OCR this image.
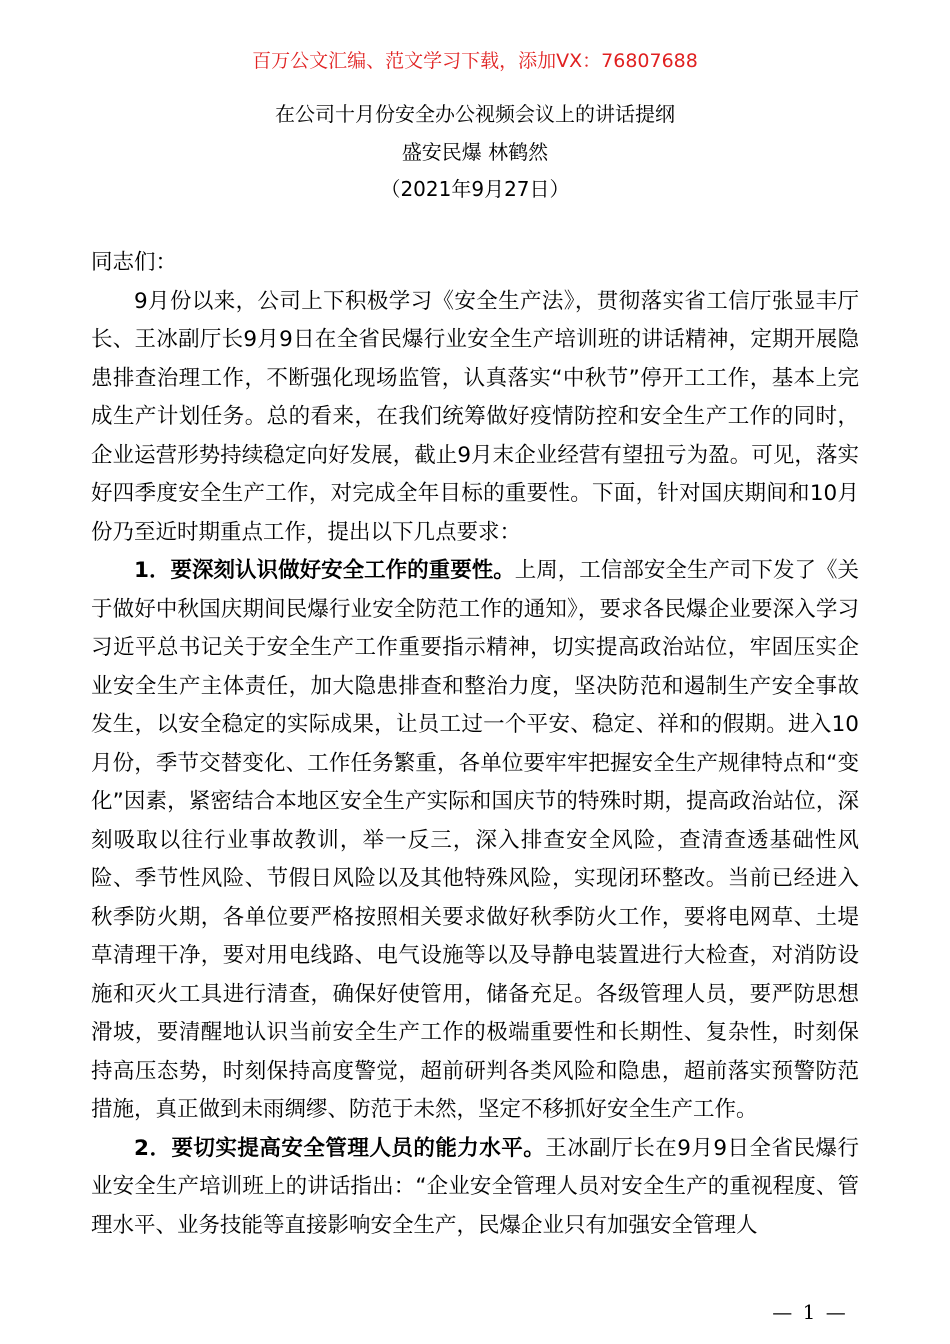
百万公文汇编、范文学习下载，添加VX：76807688
在公司十月份安全办公视频会议上的讲话提纲
盛安民爆 林鹤然
（2021年9月27日）

同志们：

9月份以来，公司上下积极学习《安全生产法》，贯彻落实省工信厅张显丰厅长、王冰副厅长9月9日在全省民爆行业安全生产培训班的讲话精神，定期开展隐患排查治理工作，不断强化现场监管，认真落实“中秋节”停开工工作，基本上完成生产计划任务。总的看来，在我们统筹做好疫情防控和安全生产工作的同时，企业运营形势持续稳定向好发展，截止9月末企业经营有望扭亏为盈。可见，落实好四季度安全生产工作，对完成全年目标的重要性。下面，针对国庆期间和10月份乃至近时期重点工作，提出以下几点要求：

1．要深刻认识做好安全工作的重要性。上周，工信部安全生产司下发了《关于做好中秋国庆期间民爆行业安全防范工作的通知》，要求各民爆企业要深入学习习近平总书记关于安全生产工作重要指示精神，切实提高政治站位，牢固压实企业安全生产主体责任，加大隐患排查和整治力度，坚决防范和遏制生产安全事故发生，以安全稳定的实际成果，让员工过一个平安、稳定、祥和的假期。进入10月份，季节交替变化、工作任务繁重，各单位要牢牢把握安全生产规律特点和“变化”因素，紧密结合本地区安全生产实际和国庆节的特殊时期，提高政治站位，深刻吸取以往行业事故教训，举一反三，深入排查安全风险，查清查透基础性风险、季节性风险、节假日风险以及其他特殊风险，实现闭环整改。当前已经进入秋季防火期，各单位要严格按照相关要求做好秋季防火工作，要将电网草、土堤草清理干净，要对用电线路、电气设施等以及导静电装置进行大检查，对消防设施和灭火工具进行清查，确保好使管用，储备充足。各级管理人员，要严防思想滑坡，要清醒地认识当前安全生产工作的极端重要性和长期性、复杂性，时刻保持高压态势，时刻保持高度警觉，超前研判各类风险和隐患，超前落实预警防范措施，真正做到未雨绸缪、防范于未然，坚定不移抓好安全生产工作。

2．要切实提高安全管理人员的能力水平。王冰副厅长在9月9日全省民爆行业安全生产培训班上的讲话指出：“企业安全管理人员对安全生产的重视程度、管理水平、业务技能等直接影响安全生产，民爆企业只有加强安全管理人

— 1 —
